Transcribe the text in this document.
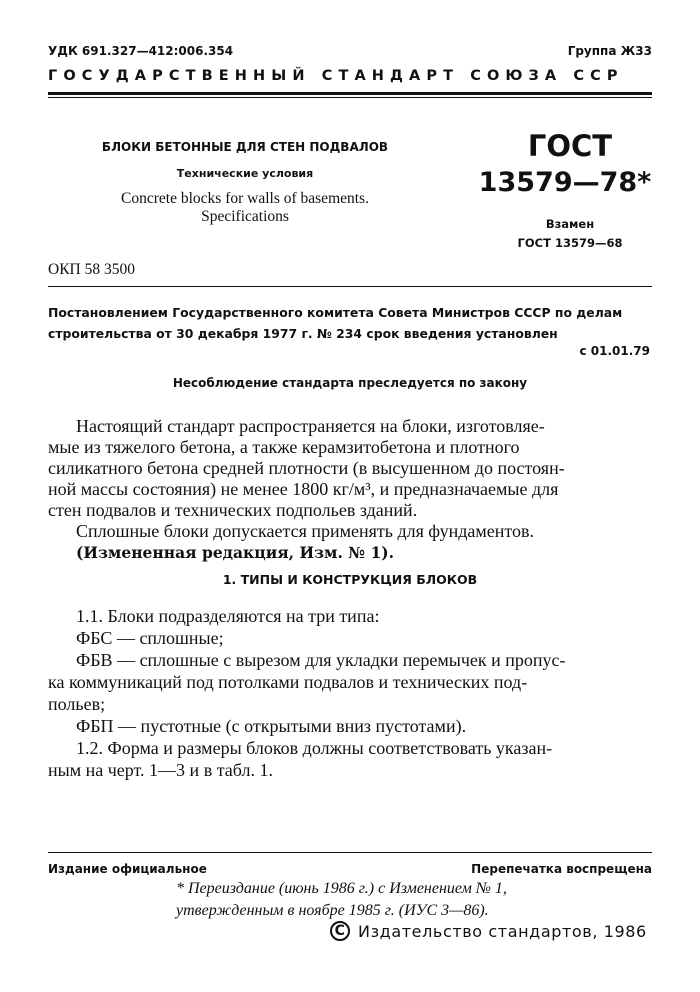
УДК 691.327—412:006.354	Группа Ж33
ГОСУДАРСТВЕННЫЙ СТАНДАРТ СОЮЗА ССР
БЛОКИ БЕТОННЫЕ ДЛЯ СТЕН ПОДВАЛОВ
Технические условия
Concrete blocks for walls of basements.
Specifications
ГОСТ
13579—78*
Взамен
ГОСТ 13579—68
ОКП 58 3500
Постановлением Государственного комитета Совета Министров СССР по делам строительства от 30 декабря 1977 г. № 234 срок введения установлен
с 01.01.79
Несоблюдение стандарта преследуется по закону
Настоящий стандарт распространяется на блоки, изготовляе-
мые из тяжелого бетона, а также керамзитобетона и плотного
силикатного бетона средней плотности (в высушенном до постоян-
ной массы состояния) не менее 1800 кг/м³, и предназначаемые для
стен подвалов и технических подпольев зданий.
Сплошные блоки допускается применять для фундаментов.
(Измененная редакция, Изм. № 1).
1. ТИПЫ И КОНСТРУКЦИЯ БЛОКОВ
1.1. Блоки подразделяются на три типа:
ФБС — сплошные;
ФБВ — сплошные с вырезом для укладки перемычек и пропус-
ка коммуникаций под потолками подвалов и технических под-
польев;
ФБП — пустотные (с открытыми вниз пустотами).
1.2. Форма и размеры блоков должны соответствовать указан-
ным на черт. 1—3 и в табл. 1.
Издание официальное	Перепечатка воспрещена
* Переиздание (июнь 1986 г.) с Изменением № 1,
утвержденным в ноябре 1985 г. (ИУС 3—86).
C Издательство стандартов, 1986
